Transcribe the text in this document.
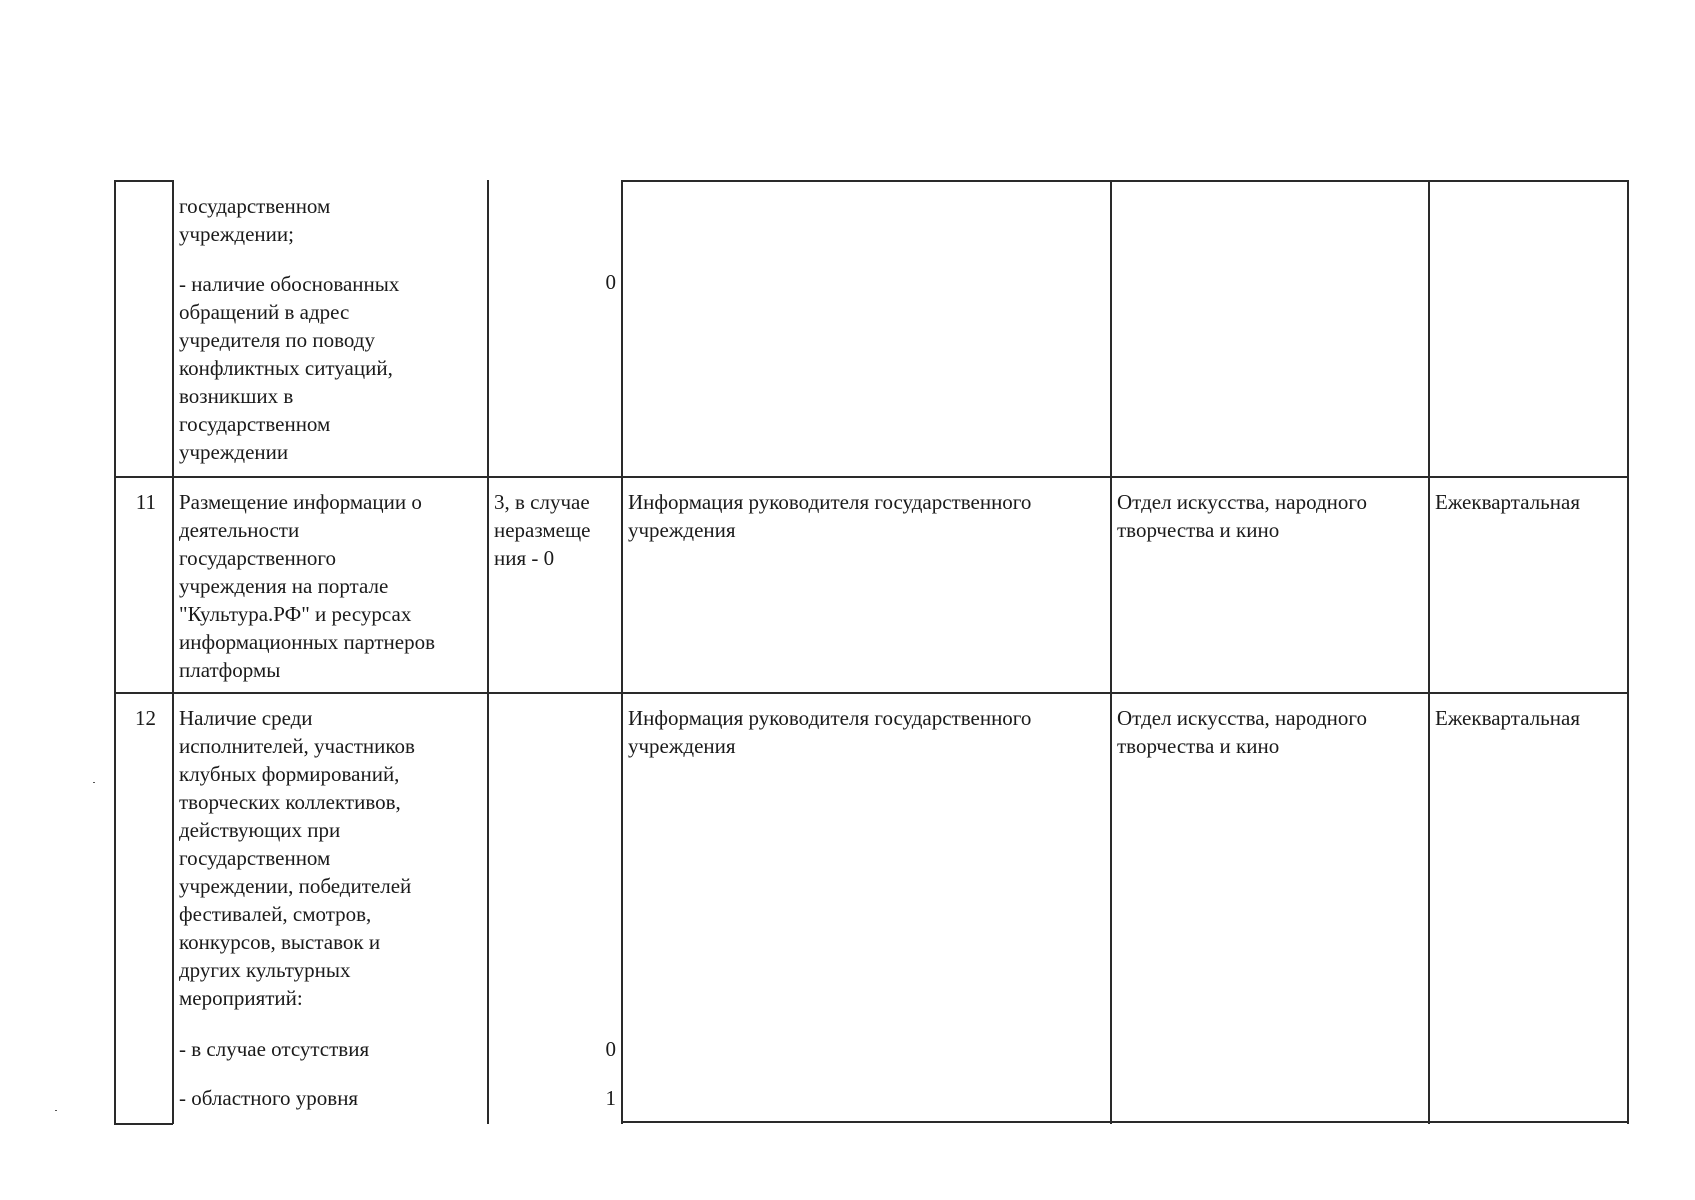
государственном
учреждении;
- наличие обоснованных
обращений в адрес
учредителя по поводу
конфликтных ситуаций,
возникших в
государственном
учреждении
0
11 Размещение информации о
деятельности
государственного
учреждения на портале
"Культура.РФ" и ресурсах
информационных партнеров
платформы
3, в случае
неразмеще
ния - 0
Информация руководителя государственного
учреждения
Отдел искусства, народного
творчества и кино
Ежеквартальная
12 Наличие среди
исполнителей, участников
клубных формирований,
творческих коллективов,
действующих при
государственном
учреждении, победителей
фестивалей, смотров,
конкурсов, выставок и
других культурных
мероприятий:
- в случае отсутствия	0
- областного уровня	1
Информация руководителя государственного
учреждения
Отдел искусства, народного
творчества и кино
Ежеквартальная
